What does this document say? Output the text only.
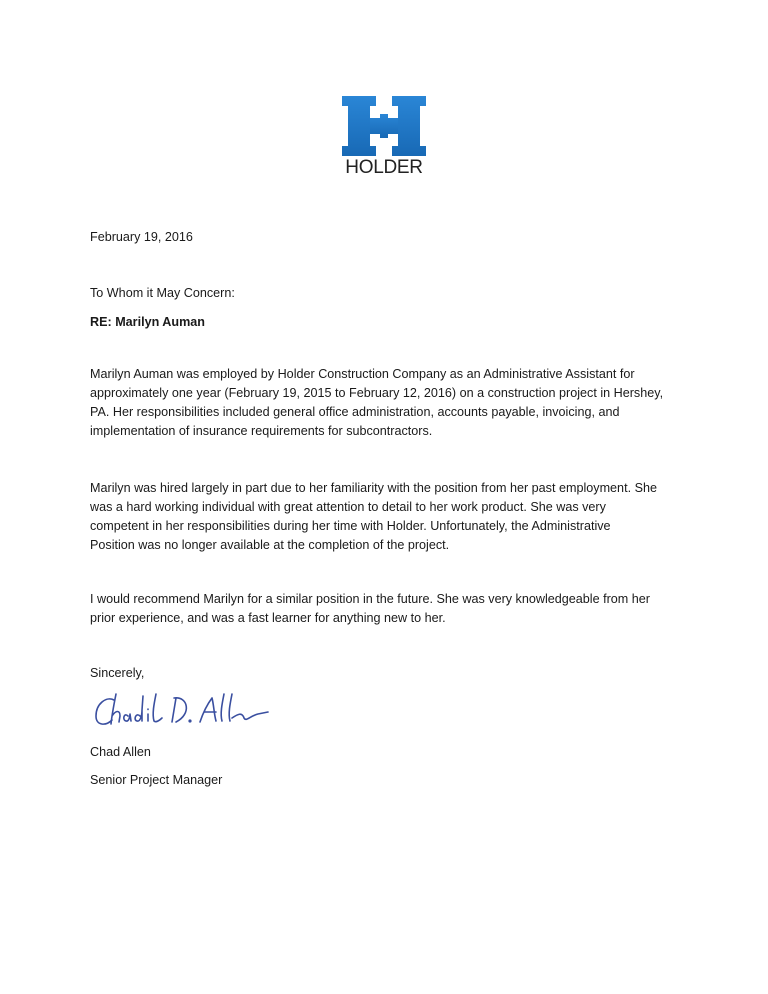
HOLDER
February 19, 2016
To Whom it May Concern:
RE: Marilyn Auman
Marilyn Auman was employed by Holder Construction Company as an Administrative Assistant for
approximately one year (February 19, 2015 to February 12, 2016) on a construction project in Hershey,
PA. Her responsibilities included general office administration, accounts payable, invoicing, and
implementation of insurance requirements for subcontractors.
Marilyn was hired largely in part due to her familiarity with the position from her past employment. She
was a hard working individual with great attention to detail to her work product. She was very
competent in her responsibilities during her time with Holder. Unfortunately, the Administrative
Position was no longer available at the completion of the project.
I would recommend Marilyn for a similar position in the future. She was very knowledgeable from her
prior experience, and was a fast learner for anything new to her.
Sincerely,
Chad Allen
Senior Project Manager
